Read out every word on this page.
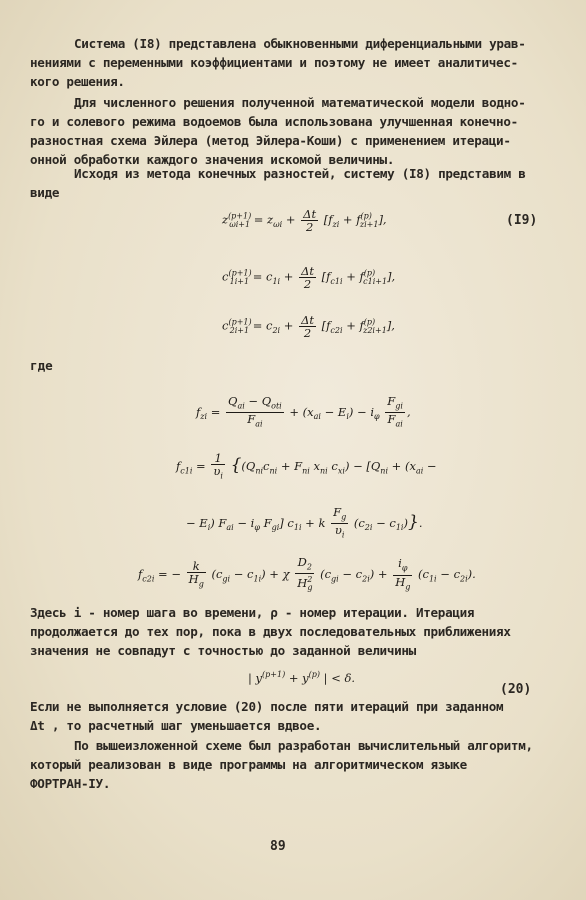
Система (I8) представлена обыкновенными диференциальными урав-
нениями с переменными коэффициентами и поэтому не имеет аналитичес-
кого решения.

Для численного решения полученной математической модели водно-
го и солевого режима водоемов была использована улучшенная конечно-
разностная схема Эйлера (метод Эйлера-Коши) с применением итераци-
онной обработки каждого значения искомой величины.

Исходя из метода конечных разностей, систему (I8) представим в
виде

$z^{(p+1)}_{\omega i+1} = z_{\omega i} + \frac{\Delta t}{2} [f_{zi} + f^{(p)}_{zi+1}]$,	(I9)
$c^{(p+1)}_{1i+1} = c_{1i} + \frac{\Delta t}{2} [f_{c1i} + f^{(p)}_{c1i+1}]$,
$c^{(p+1)}_{2i+1} = c_{2i} + \frac{\Delta t}{2} [f_{c2i} + f^{(p)}_{z2i+1}]$,
где
$f_{zi} = \frac{Q_{ai} - Q_{oti}}{F_{ai}} + (x_{ai} - E_i) - i_\varphi \frac{F_{gi}}{F_{ai}}$ ,
$f_{c1i} = \frac{1}{\upsilon_i} \{(Q_{ni}c_{ni} + F_{ni}$ $x_{ni}$ $c_{xi}) - [Q_{ni} + (x_{ai}$ −
− $E_i$) $F_{ai} - i_\varphi$ $F_{gi}$] $c_{1i} + k \frac{F_g}{\upsilon_i} (c_{2i} - c_{1i})$}.
$f_{c2i}$ = − $\frac{k}{H_g} (c_{gi} - c_{1i}) + \chi \frac{D_2}{H^2_g} (c_{gi} - c_{2i}) + \frac{i_\varphi}{H_g} (c_{1i} - c_{2i})$.

Здесь i - номер шага во времени, ρ - номер итерации. Итерация
продолжается до тех пор, пока в двух последовательных приближениях
значения не совпадут с точностью до заданной величины

| $y^{(p+1)} + y^{(p)}$ | < δ.
(20)

Если не выполняется условие (20) после пяти итераций при заданном
Δt , то расчетный шаг уменьшается вдвое.

По вышеизложенной схеме был разработан вычислительный алгоритм,
который реализован в виде программы на алгоритмическом языке
ФОРТРАН-IУ.

89
